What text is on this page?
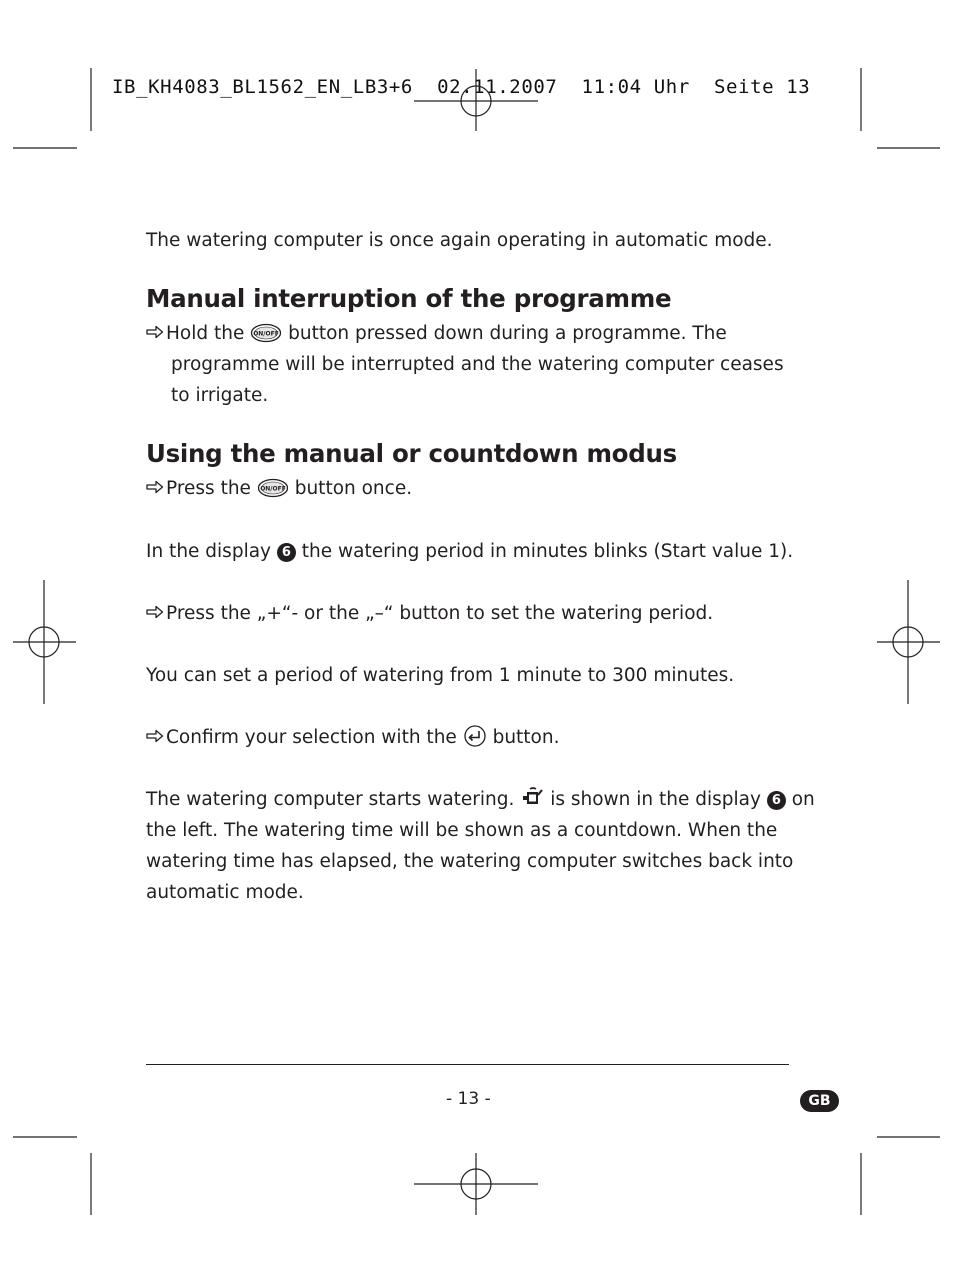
IB_KH4083_BL1562_EN_LB3+6 02.11.2007 11:04 Uhr Seite 13
The watering computer is once again operating in automatic mode.
Manual interruption of the programme
Hold the ON/OFF button pressed down during a programme. The
programme will be interrupted and the watering computer ceases
to irrigate.
Using the manual or countdown modus
Press the ON/OFF button once.
In the display 6 the watering period in minutes blinks (Start value 1).
Press the „+“- or the „–“ button to set the watering period.
You can set a period of watering from 1 minute to 300 minutes.
Confirm your selection with the button.
The watering computer starts watering. is shown in the display 6 on
the left. The watering time will be shown as a countdown. When the
watering time has elapsed, the watering computer switches back into
automatic mode.
- 13 -	GB
